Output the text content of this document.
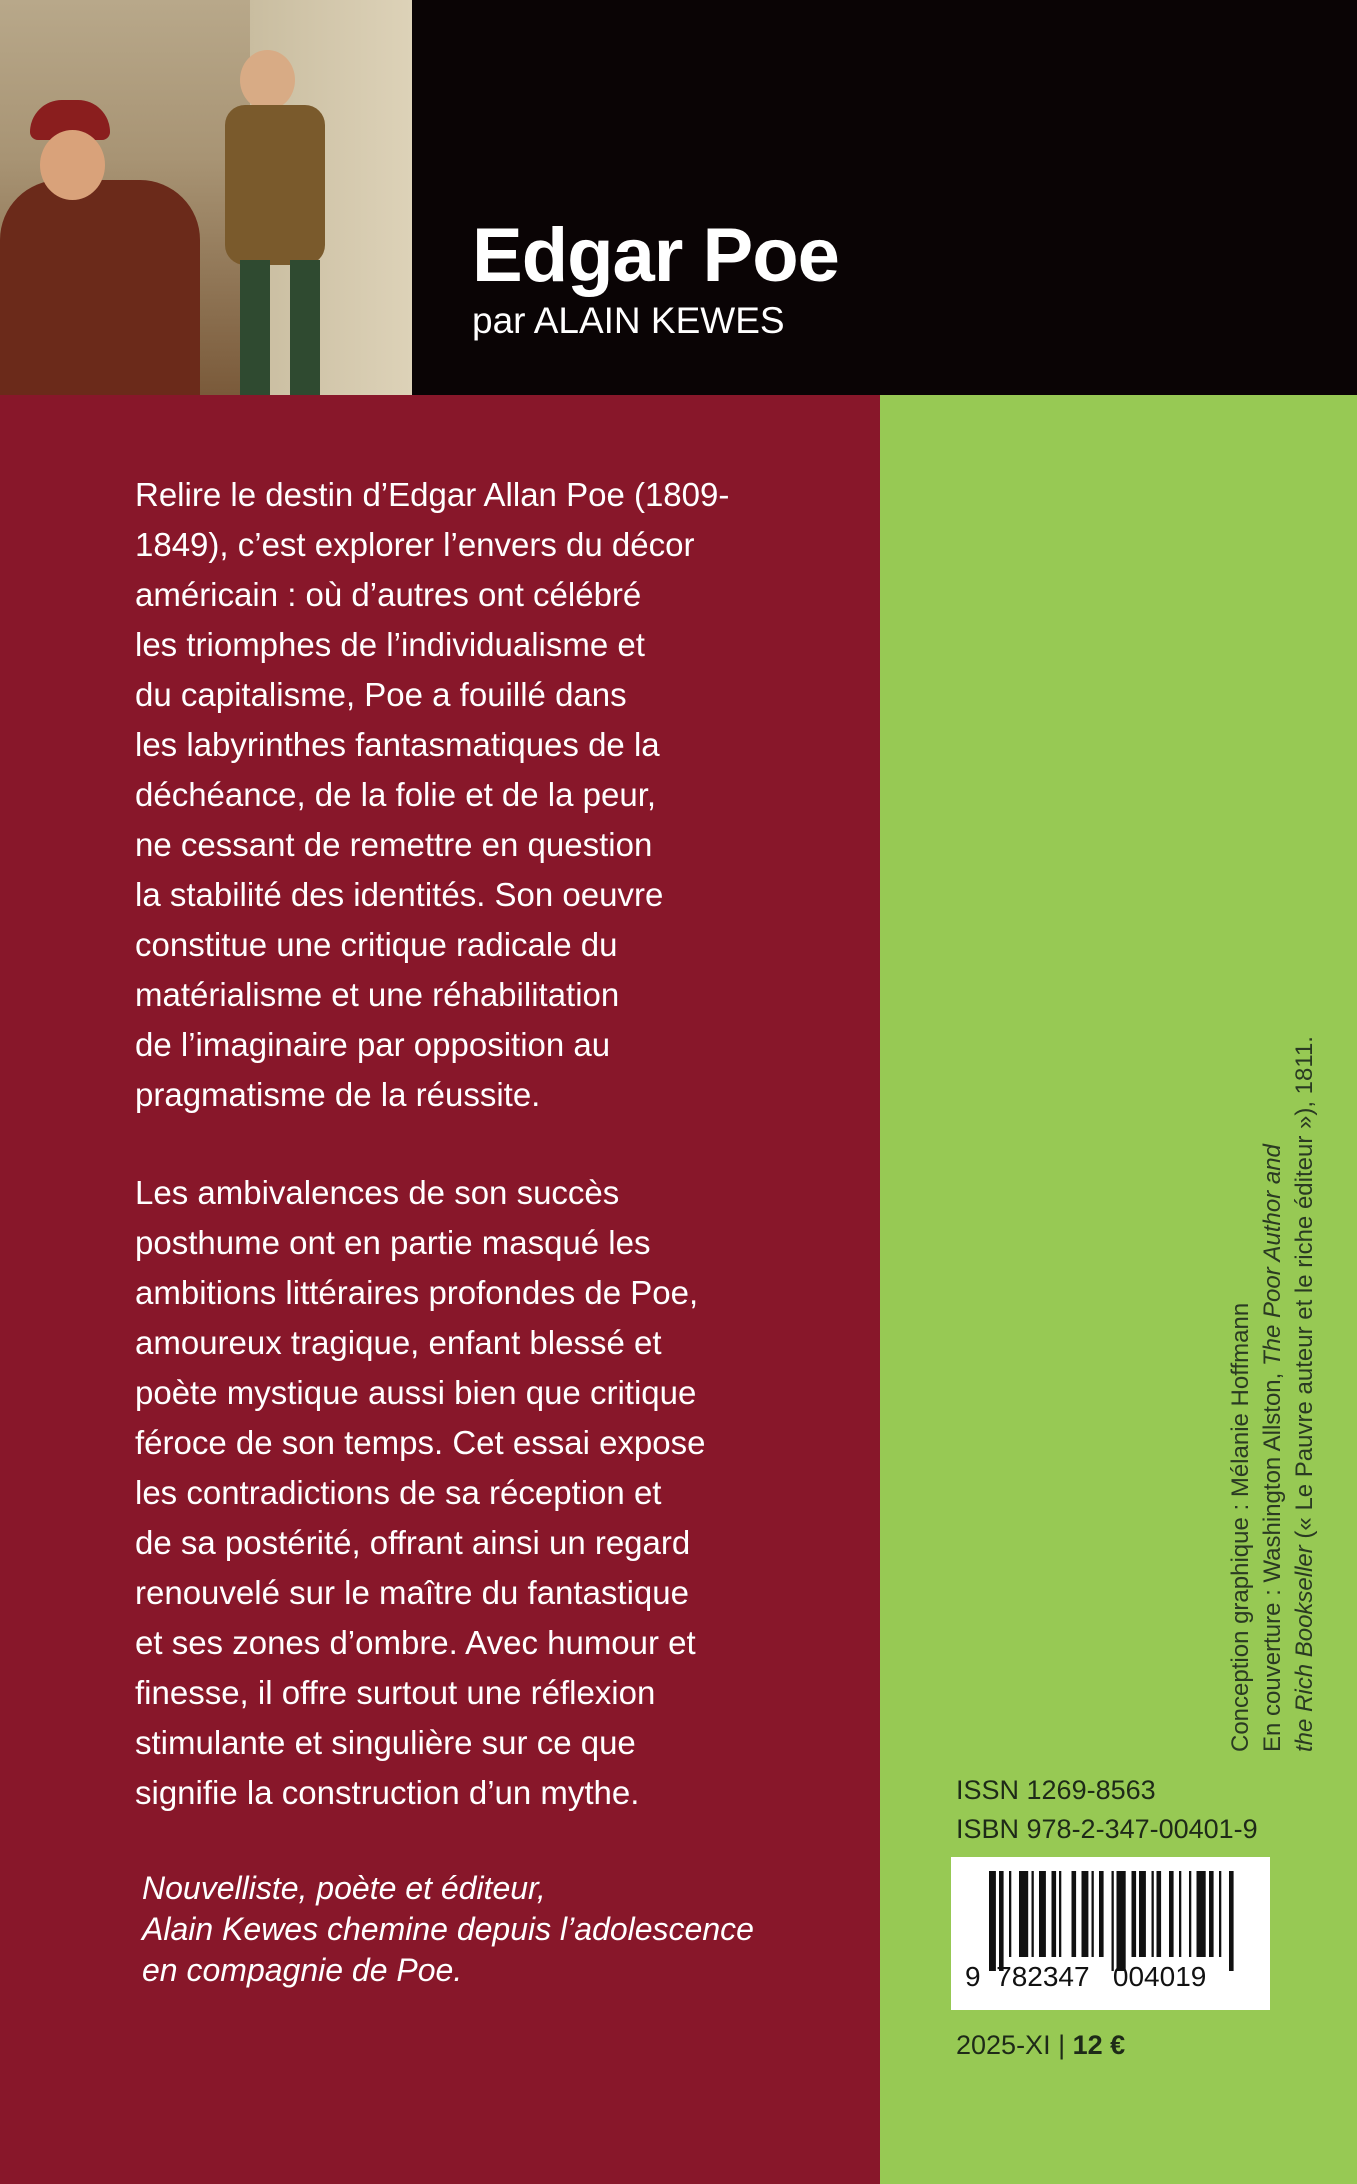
Edgar Poe
par ALAIN KEWES
Relire le destin d’Edgar Allan Poe (1809-
1849), c’est explorer l’envers du décor
américain : où d’autres ont célébré
les triomphes de l’individualisme et
du capitalisme, Poe a fouillé dans
les labyrinthes fantasmatiques de la
déchéance, de la folie et de la peur,
ne cessant de remettre en question
la stabilité des identités. Son oeuvre
constitue une critique radicale du
matérialisme et une réhabilitation
de l’imaginaire par opposition au
pragmatisme de la réussite.
Les ambivalences de son succès
posthume ont en partie masqué les
ambitions littéraires profondes de Poe,
amoureux tragique, enfant blessé et
poète mystique aussi bien que critique
féroce de son temps. Cet essai expose
les contradictions de sa réception et
de sa postérité, offrant ainsi un regard
renouvelé sur le maître du fantastique
et ses zones d’ombre. Avec humour et
finesse, il offre surtout une réflexion
stimulante et singulière sur ce que
signifie la construction d’un mythe.
Nouvelliste, poète et éditeur,
Alain Kewes chemine depuis l’adolescence
en compagnie de Poe.
Conception graphique : Mélanie Hoffmann En couverture : Washington Allston, The Poor Author and
the Rich Bookseller (« Le Pauvre auteur et le riche éditeur »), 1811.
ISSN 1269-8563
ISBN 978-2-347-00401-9
9  782347   004019
2025-XI | 12 €
